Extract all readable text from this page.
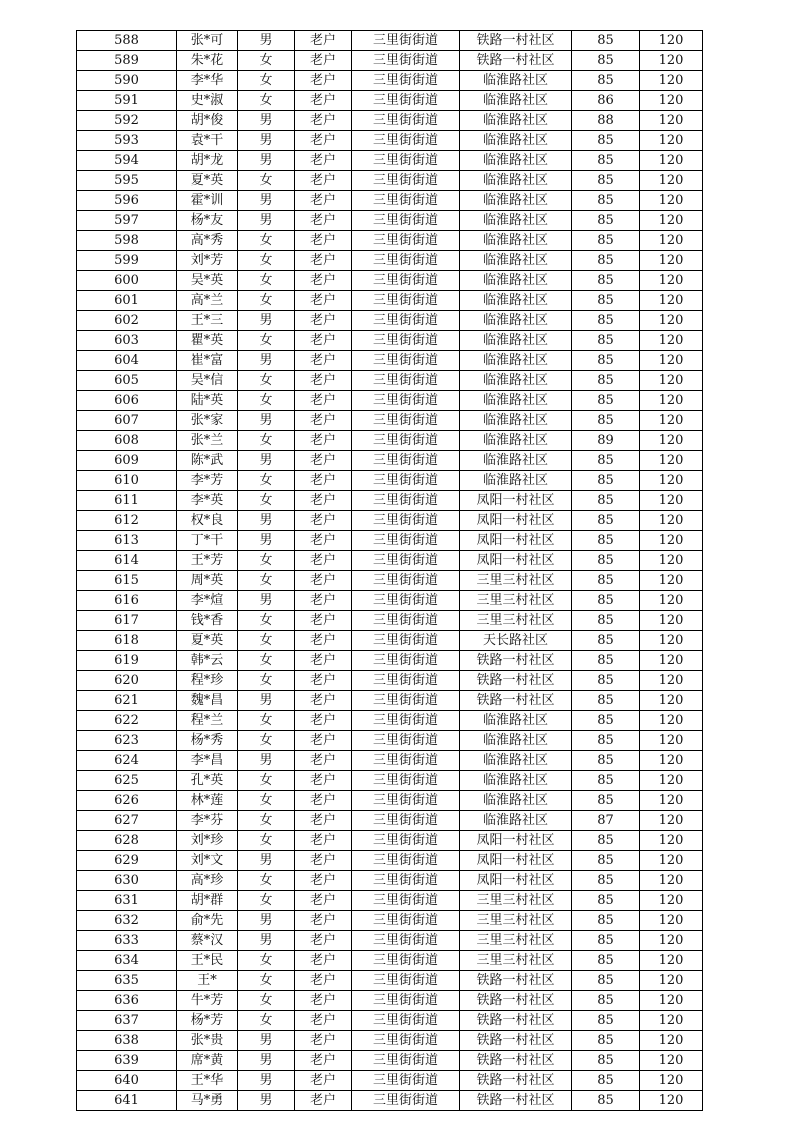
588	张*可	男	老户	三里街街道	铁路一村社区	85	120
589	朱*花	女	老户	三里街街道	铁路一村社区	85	120
590	李*华	女	老户	三里街街道	临淮路社区	85	120
591	史*淑	女	老户	三里街街道	临淮路社区	86	120
592	胡*俊	男	老户	三里街街道	临淮路社区	88	120
593	袁*干	男	老户	三里街街道	临淮路社区	85	120
594	胡*龙	男	老户	三里街街道	临淮路社区	85	120
595	夏*英	女	老户	三里街街道	临淮路社区	85	120
596	霍*训	男	老户	三里街街道	临淮路社区	85	120
597	杨*友	男	老户	三里街街道	临淮路社区	85	120
598	高*秀	女	老户	三里街街道	临淮路社区	85	120
599	刘*芳	女	老户	三里街街道	临淮路社区	85	120
600	吴*英	女	老户	三里街街道	临淮路社区	85	120
601	高*兰	女	老户	三里街街道	临淮路社区	85	120
602	王*三	男	老户	三里街街道	临淮路社区	85	120
603	瞿*英	女	老户	三里街街道	临淮路社区	85	120
604	崔*富	男	老户	三里街街道	临淮路社区	85	120
605	吴*信	女	老户	三里街街道	临淮路社区	85	120
606	陆*英	女	老户	三里街街道	临淮路社区	85	120
607	张*家	男	老户	三里街街道	临淮路社区	85	120
608	张*兰	女	老户	三里街街道	临淮路社区	89	120
609	陈*武	男	老户	三里街街道	临淮路社区	85	120
610	李*芳	女	老户	三里街街道	临淮路社区	85	120
611	李*英	女	老户	三里街街道	凤阳一村社区	85	120
612	权*良	男	老户	三里街街道	凤阳一村社区	85	120
613	丁*干	男	老户	三里街街道	凤阳一村社区	85	120
614	王*芳	女	老户	三里街街道	凤阳一村社区	85	120
615	周*英	女	老户	三里街街道	三里三村社区	85	120
616	李*煊	男	老户	三里街街道	三里三村社区	85	120
617	钱*香	女	老户	三里街街道	三里三村社区	85	120
618	夏*英	女	老户	三里街街道	天长路社区	85	120
619	韩*云	女	老户	三里街街道	铁路一村社区	85	120
620	程*珍	女	老户	三里街街道	铁路一村社区	85	120
621	魏*昌	男	老户	三里街街道	铁路一村社区	85	120
622	程*兰	女	老户	三里街街道	临淮路社区	85	120
623	杨*秀	女	老户	三里街街道	临淮路社区	85	120
624	李*昌	男	老户	三里街街道	临淮路社区	85	120
625	孔*英	女	老户	三里街街道	临淮路社区	85	120
626	林*莲	女	老户	三里街街道	临淮路社区	85	120
627	李*芬	女	老户	三里街街道	临淮路社区	87	120
628	刘*珍	女	老户	三里街街道	凤阳一村社区	85	120
629	刘*文	男	老户	三里街街道	凤阳一村社区	85	120
630	高*珍	女	老户	三里街街道	凤阳一村社区	85	120
631	胡*群	女	老户	三里街街道	三里三村社区	85	120
632	俞*先	男	老户	三里街街道	三里三村社区	85	120
633	蔡*汉	男	老户	三里街街道	三里三村社区	85	120
634	王*民	女	老户	三里街街道	三里三村社区	85	120
635	王*	女	老户	三里街街道	铁路一村社区	85	120
636	牛*芳	女	老户	三里街街道	铁路一村社区	85	120
637	杨*芳	女	老户	三里街街道	铁路一村社区	85	120
638	张*贵	男	老户	三里街街道	铁路一村社区	85	120
639	席*黄	男	老户	三里街街道	铁路一村社区	85	120
640	王*华	男	老户	三里街街道	铁路一村社区	85	120
641	马*勇	男	老户	三里街街道	铁路一村社区	85	120
